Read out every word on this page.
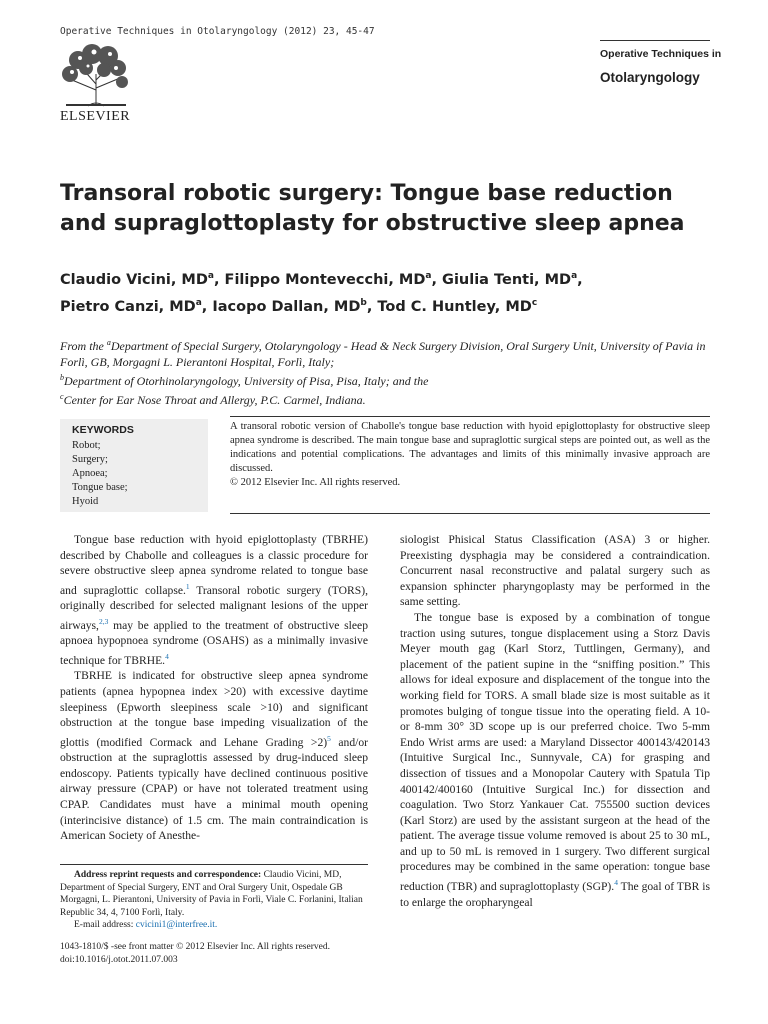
Operative Techniques in Otolaryngology (2012) 23, 45-47
ELSEVIER
Operative Techniques in
Otolaryngology
Transoral robotic surgery: Tongue base reduction and supraglottoplasty for obstructive sleep apnea
Claudio Vicini, $MD^a$, Filippo Montevecchi, $MD^a$, Giulia Tenti, $MD^a$,
Pietro Canzi, $MD^a$, Iacopo Dallan, $MD^b$, Tod C. Huntley, $MD^c$
From the $^a$Department of Special Surgery, Otolaryngology - Head & Neck Surgery Division, Oral Surgery Unit, University of Pavia in Forlì, GB, Morgagni L. Pierantoni Hospital, Forlì, Italy;
$^b$Department of Otorhinolaryngology, University of Pisa, Pisa, Italy; and the
$^c$Center for Ear Nose Throat and Allergy, P.C. Carmel, Indiana.
KEYWORDS
Robot;
Surgery;
Apnoea;
Tongue base;
Hyoid
A transoral robotic version of Chabolle's tongue base reduction with hyoid epiglottoplasty for obstructive sleep apnea syndrome is described. The main tongue base and supraglottic surgical steps are pointed out, as well as the indications and potential complications. The advantages and limits of this minimally invasive approach are discussed.
© 2012 Elsevier Inc. All rights reserved.

Tongue base reduction with hyoid epiglottoplasty (TBRHE) described by Chabolle and colleagues is a classic procedure for severe obstructive sleep apnea syndrome related to tongue base and supraglottic collapse.$^1$ Transoral robotic surgery (TORS), originally described for selected malignant lesions of the upper airways,$^{2,3}$ may be applied to the treatment of obstructive sleep apnoea hypopnoea syndrome (OSAHS) as a minimally invasive technique for TBRHE.$^4$

TBRHE is indicated for obstructive sleep apnea syndrome patients (apnea hypopnea index >20) with excessive daytime sleepiness (Epworth sleepiness scale >10) and significant obstruction at the tongue base impeding visualization of the glottis (modified Cormack and Lehane Grading >2)$^5$ and/or obstruction at the supraglottis assessed by drug-induced sleep endoscopy. Patients typically have declined continuous positive airway pressure (CPAP) or have not tolerated treatment using CPAP. Candidates must have a minimal mouth opening (interincisive distance) of 1.5 cm. The main contraindication is American Society of Anesthe-

siologist Phisical Status Classification (ASA) 3 or higher. Preexisting dysphagia may be considered a contraindication. Concurrent nasal reconstructive and palatal surgery such as expansion sphincter pharyngoplasty may be performed in the same setting.

The tongue base is exposed by a combination of tongue traction using sutures, tongue displacement using a Storz Davis Meyer mouth gag (Karl Storz, Tuttlingen, Germany), and placement of the patient supine in the “sniffing position.” This allows for ideal exposure and displacement of the tongue into the working field for TORS. A small blade size is most suitable as it promotes bulging of tongue tissue into the operating field. A 10- or 8-mm 30° 3D scope up is our preferred choice. Two 5-mm Endo Wrist arms are used: a Maryland Dissector 400143/420143 (Intuitive Surgical Inc., Sunnyvale, CA) for grasping and dissection of tissues and a Monopolar Cautery with Spatula Tip 400142/400160 (Intuitive Surgical Inc.) for dissection and coagulation. Two Storz Yankauer Cat. 755500 suction devices (Karl Storz) are used by the assistant surgeon at the head of the patient. The average tissue volume removed is about 25 to 30 mL, and up to 50 mL is removed in 1 surgery. Two different surgical procedures may be combined in the same operation: tongue base reduction (TBR) and supraglottoplasty (SGP).$^4$ The goal of TBR is to enlarge the oropharyngeal

Address reprint requests and correspondence: Claudio Vicini, MD, Department of Special Surgery, ENT and Oral Surgery Unit, Ospedale GB Morgagni, L. Pierantoni, University of Pavia in Forlì, Viale C. Forlanini, Italian Republic 34, 4, 7100 Forlì, Italy.

E-mail address: cvicini1@interfree.it.

1043-1810/$ -see front matter © 2012 Elsevier Inc. All rights reserved.
doi:10.1016/j.otot.2011.07.003
